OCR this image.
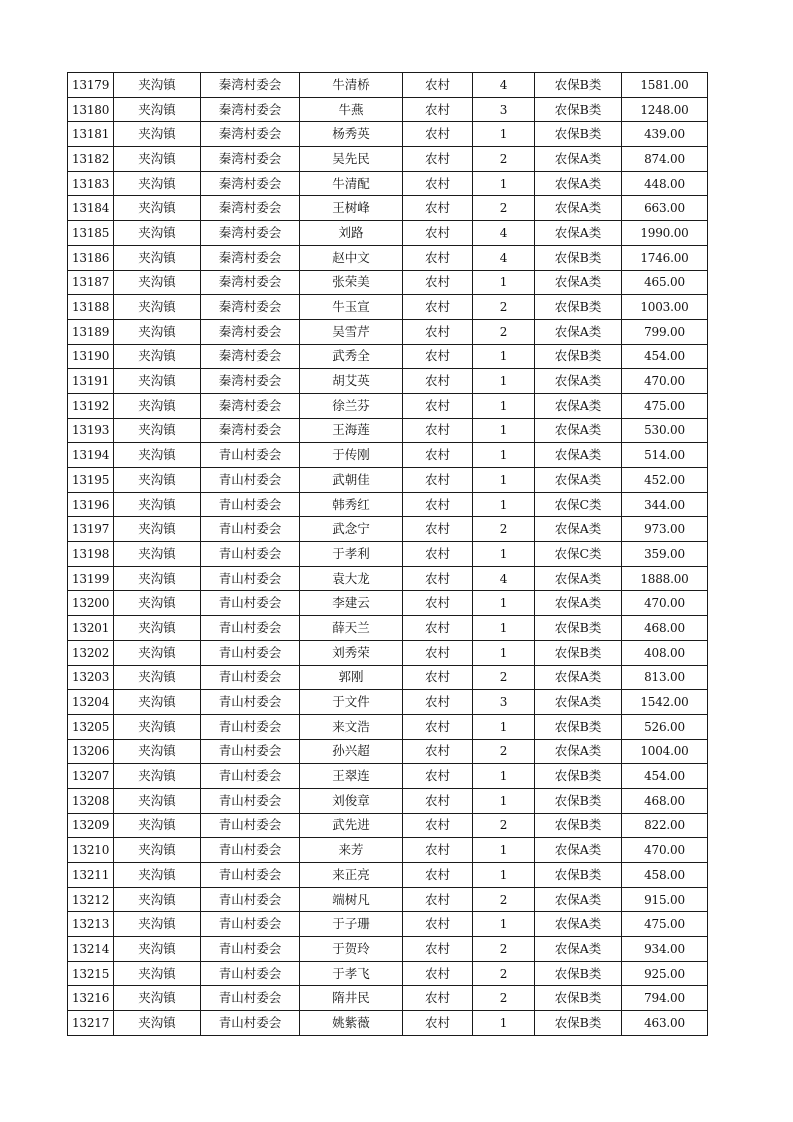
13179	夹沟镇	秦湾村委会	牛清桥	农村	4	农保B类	1581.00
13180	夹沟镇	秦湾村委会	牛燕	农村	3	农保B类	1248.00
13181	夹沟镇	秦湾村委会	杨秀英	农村	1	农保B类	439.00
13182	夹沟镇	秦湾村委会	吴先民	农村	2	农保A类	874.00
13183	夹沟镇	秦湾村委会	牛清配	农村	1	农保A类	448.00
13184	夹沟镇	秦湾村委会	王树峰	农村	2	农保A类	663.00
13185	夹沟镇	秦湾村委会	刘路	农村	4	农保A类	1990.00
13186	夹沟镇	秦湾村委会	赵中文	农村	4	农保B类	1746.00
13187	夹沟镇	秦湾村委会	张荣美	农村	1	农保A类	465.00
13188	夹沟镇	秦湾村委会	牛玉宣	农村	2	农保B类	1003.00
13189	夹沟镇	秦湾村委会	吴雪芹	农村	2	农保A类	799.00
13190	夹沟镇	秦湾村委会	武秀全	农村	1	农保B类	454.00
13191	夹沟镇	秦湾村委会	胡艾英	农村	1	农保A类	470.00
13192	夹沟镇	秦湾村委会	徐兰芬	农村	1	农保A类	475.00
13193	夹沟镇	秦湾村委会	王海莲	农村	1	农保A类	530.00
13194	夹沟镇	青山村委会	于传刚	农村	1	农保A类	514.00
13195	夹沟镇	青山村委会	武朝佳	农村	1	农保A类	452.00
13196	夹沟镇	青山村委会	韩秀红	农村	1	农保C类	344.00
13197	夹沟镇	青山村委会	武念宁	农村	2	农保A类	973.00
13198	夹沟镇	青山村委会	于孝利	农村	1	农保C类	359.00
13199	夹沟镇	青山村委会	袁大龙	农村	4	农保A类	1888.00
13200	夹沟镇	青山村委会	李建云	农村	1	农保A类	470.00
13201	夹沟镇	青山村委会	薛天兰	农村	1	农保B类	468.00
13202	夹沟镇	青山村委会	刘秀荣	农村	1	农保B类	408.00
13203	夹沟镇	青山村委会	郭刚	农村	2	农保A类	813.00
13204	夹沟镇	青山村委会	于文件	农村	3	农保A类	1542.00
13205	夹沟镇	青山村委会	来文浩	农村	1	农保B类	526.00
13206	夹沟镇	青山村委会	孙兴超	农村	2	农保A类	1004.00
13207	夹沟镇	青山村委会	王翠连	农村	1	农保B类	454.00
13208	夹沟镇	青山村委会	刘俊章	农村	1	农保B类	468.00
13209	夹沟镇	青山村委会	武先进	农村	2	农保B类	822.00
13210	夹沟镇	青山村委会	来芳	农村	1	农保A类	470.00
13211	夹沟镇	青山村委会	来正亮	农村	1	农保B类	458.00
13212	夹沟镇	青山村委会	端树凡	农村	2	农保A类	915.00
13213	夹沟镇	青山村委会	于子珊	农村	1	农保A类	475.00
13214	夹沟镇	青山村委会	于贺玲	农村	2	农保A类	934.00
13215	夹沟镇	青山村委会	于孝飞	农村	2	农保B类	925.00
13216	夹沟镇	青山村委会	隋井民	农村	2	农保B类	794.00
13217	夹沟镇	青山村委会	姚紫薇	农村	1	农保B类	463.00
